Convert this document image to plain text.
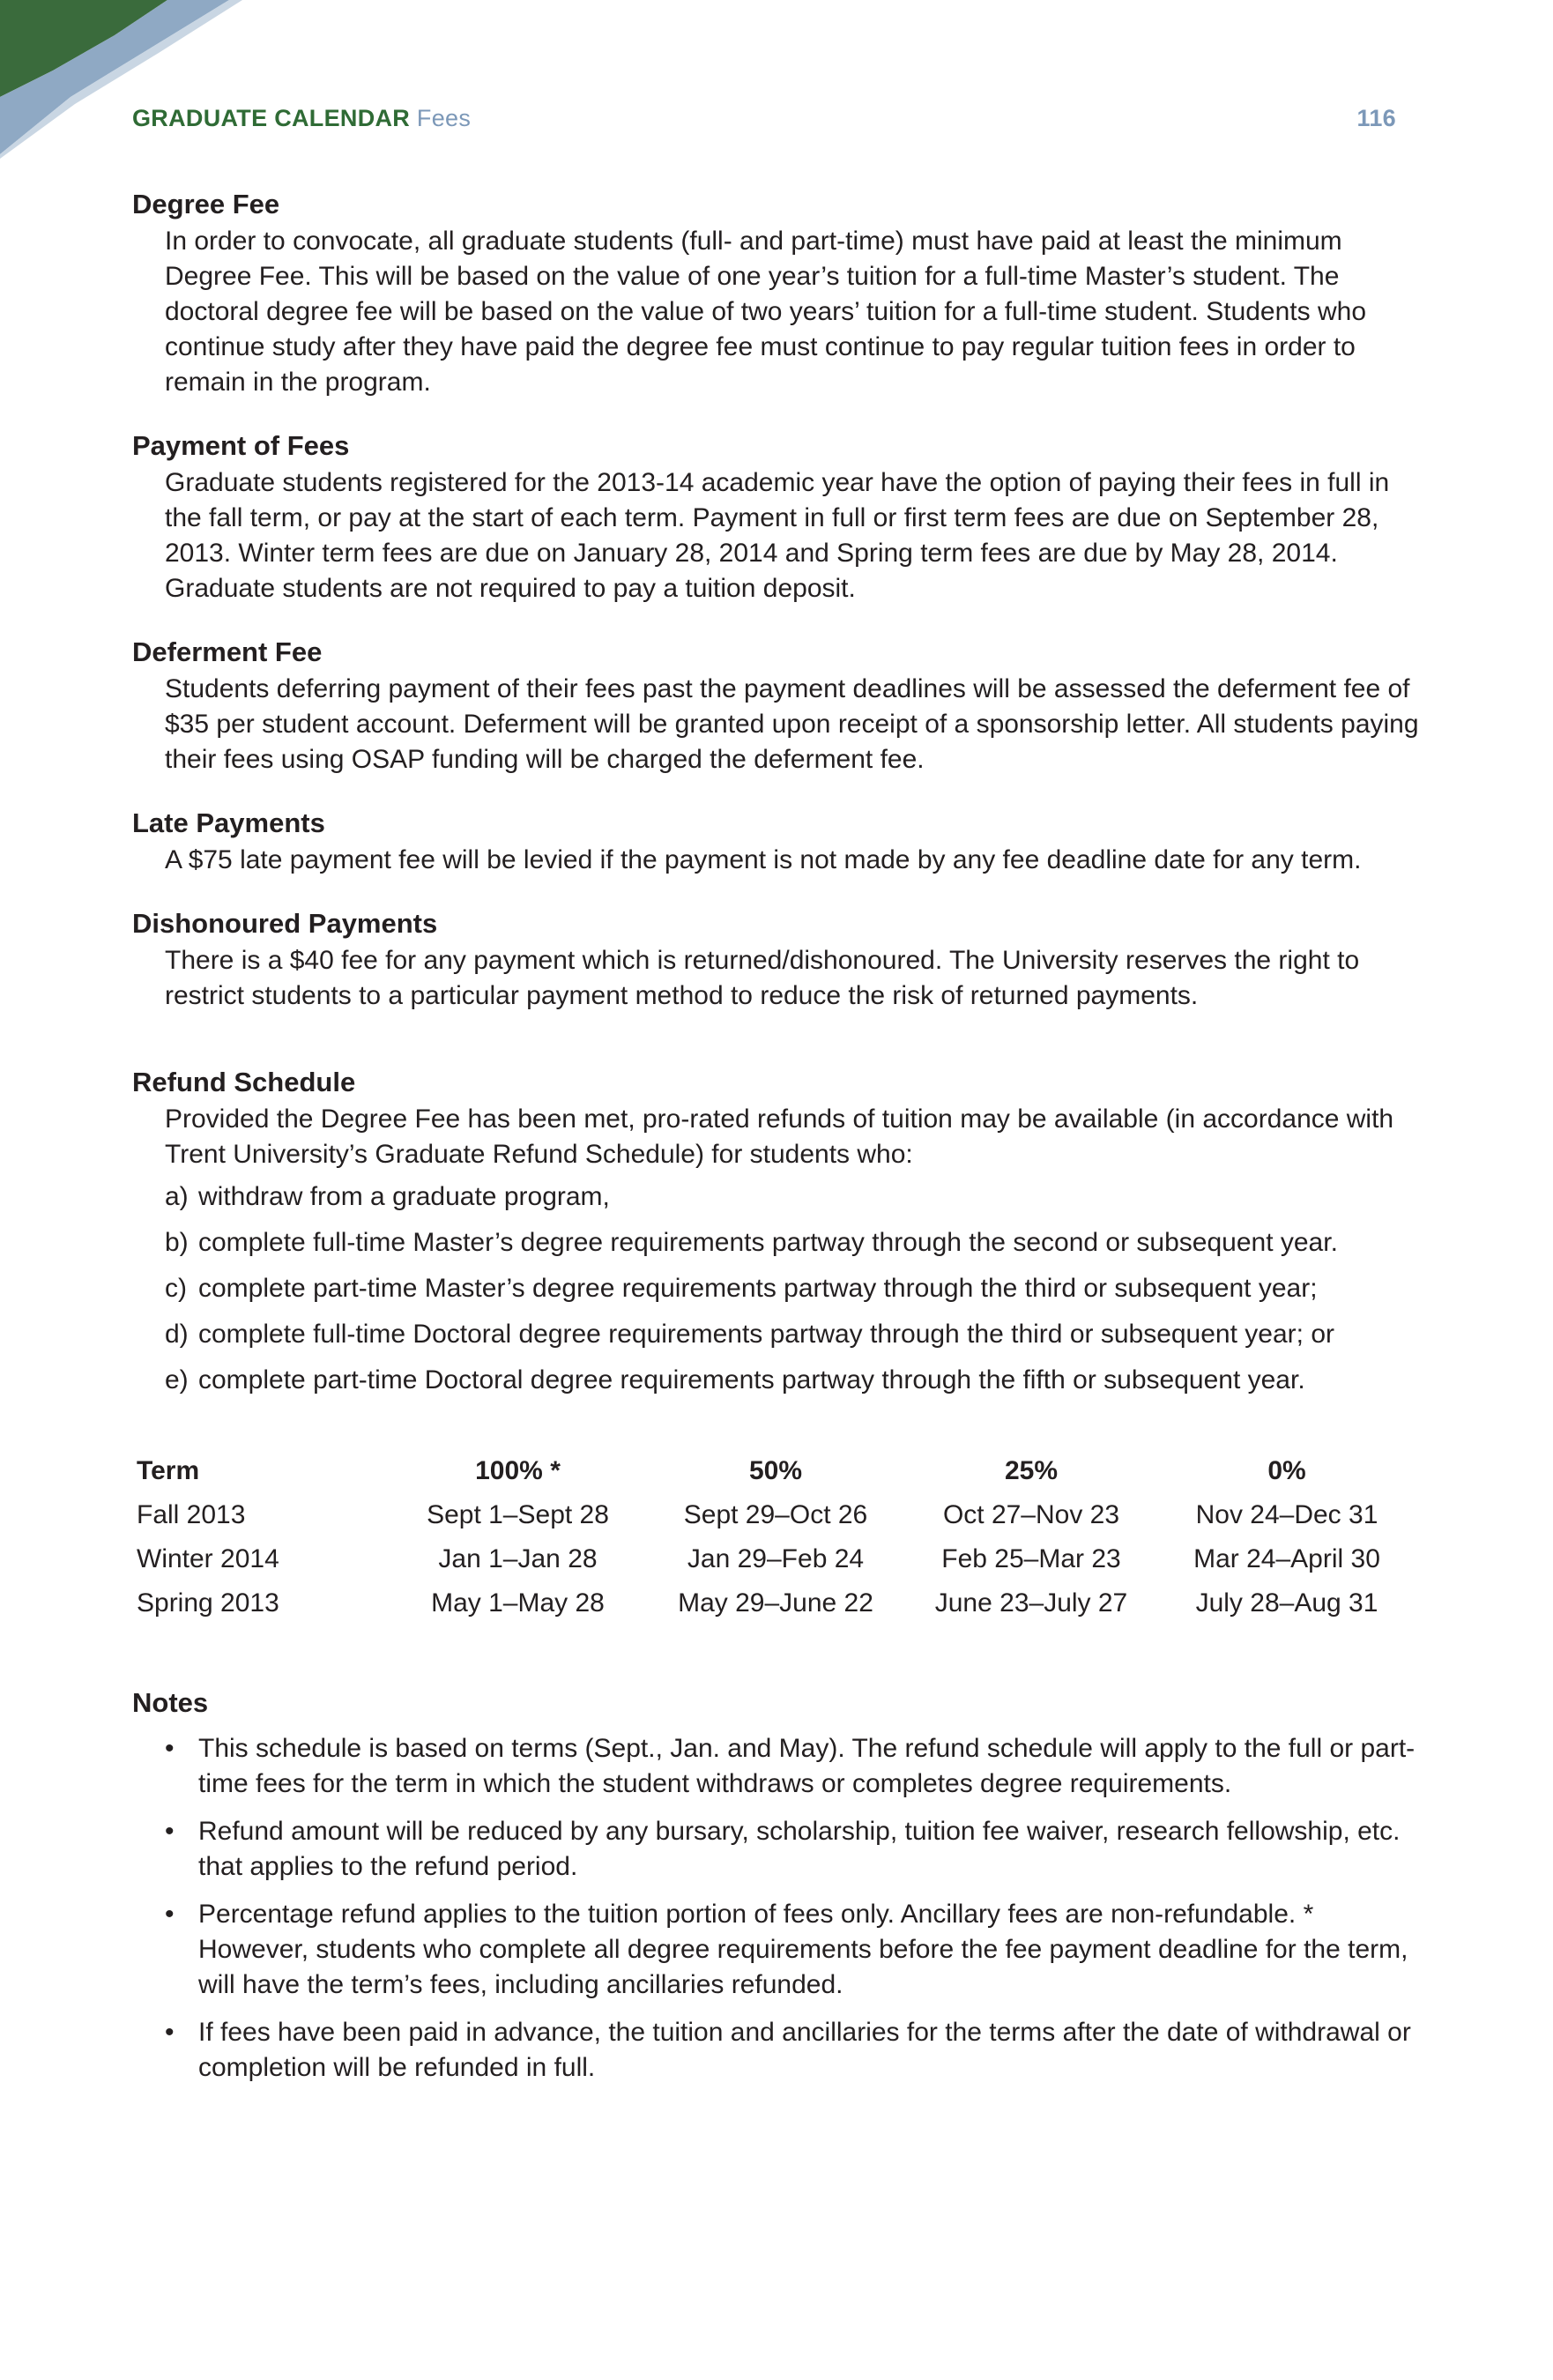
GRADUATE CALENDAR Fees	116
Degree Fee

In order to convocate, all graduate students (full- and part-time) must have paid at least the minimum Degree Fee. This will be based on the value of one year’s tuition for a full-time Master’s student. The doctoral degree fee will be based on the value of two years’ tuition for a full-time student. Students who continue study after they have paid the degree fee must continue to pay regular tuition fees in order to remain in the program.

Payment of Fees

Graduate students registered for the 2013-14 academic year have the option of paying their fees in full in the fall term, or pay at the start of each term. Payment in full or first term fees are due on September 28, 2013. Winter term fees are due on January 28, 2014 and Spring term fees are due by May 28, 2014. Graduate students are not required to pay a tuition deposit.

Deferment Fee

Students deferring payment of their fees past the payment deadlines will be assessed the deferment fee of $35 per student account. Deferment will be granted upon receipt of a sponsorship letter. All students paying their fees using OSAP funding will be charged the deferment fee.

Late Payments

A $75 late payment fee will be levied if the payment is not made by any fee deadline date for any term.

Dishonoured Payments

There is a $40 fee for any payment which is returned/dishonoured. The University reserves the right to restrict students to a particular payment method to reduce the risk of returned payments.

Refund Schedule

Provided the Degree Fee has been met, pro-rated refunds of tuition may be available (in accordance with Trent University’s Graduate Refund Schedule) for students who:

a) withdraw from a graduate program,
b) complete full-time Master’s degree requirements partway through the second or subsequent year.
c) complete part-time Master’s degree requirements partway through the third or subsequent year;
d) complete full-time Doctoral degree requirements partway through the third or subsequent year; or
e) complete part-time Doctoral degree requirements partway through the fifth or subsequent year.
Term	100% *	50%	25%	0%
Fall 2013	Sept 1–Sept 28	Sept 29–Oct 26	Oct 27–Nov 23	Nov 24–Dec 31
Winter 2014	Jan 1–Jan 28	Jan 29–Feb 24	Feb 25–Mar 23	Mar 24–April 30
Spring 2013	May 1–May 28	May 29–June 22	June 23–July 27	July 28–Aug 31
Notes
• This schedule is based on terms (Sept., Jan. and May). The refund schedule will apply to the full or part-time fees for the term in which the student withdraws or completes degree requirements.
• Refund amount will be reduced by any bursary, scholarship, tuition fee waiver, research fellowship, etc. that applies to the refund period.
• Percentage refund applies to the tuition portion of fees only. Ancillary fees are non-refundable. * However, students who complete all degree requirements before the fee payment deadline for the term, will have the term’s fees, including ancillaries refunded.
• If fees have been paid in advance, the tuition and ancillaries for the terms after the date of withdrawal or completion will be refunded in full.
